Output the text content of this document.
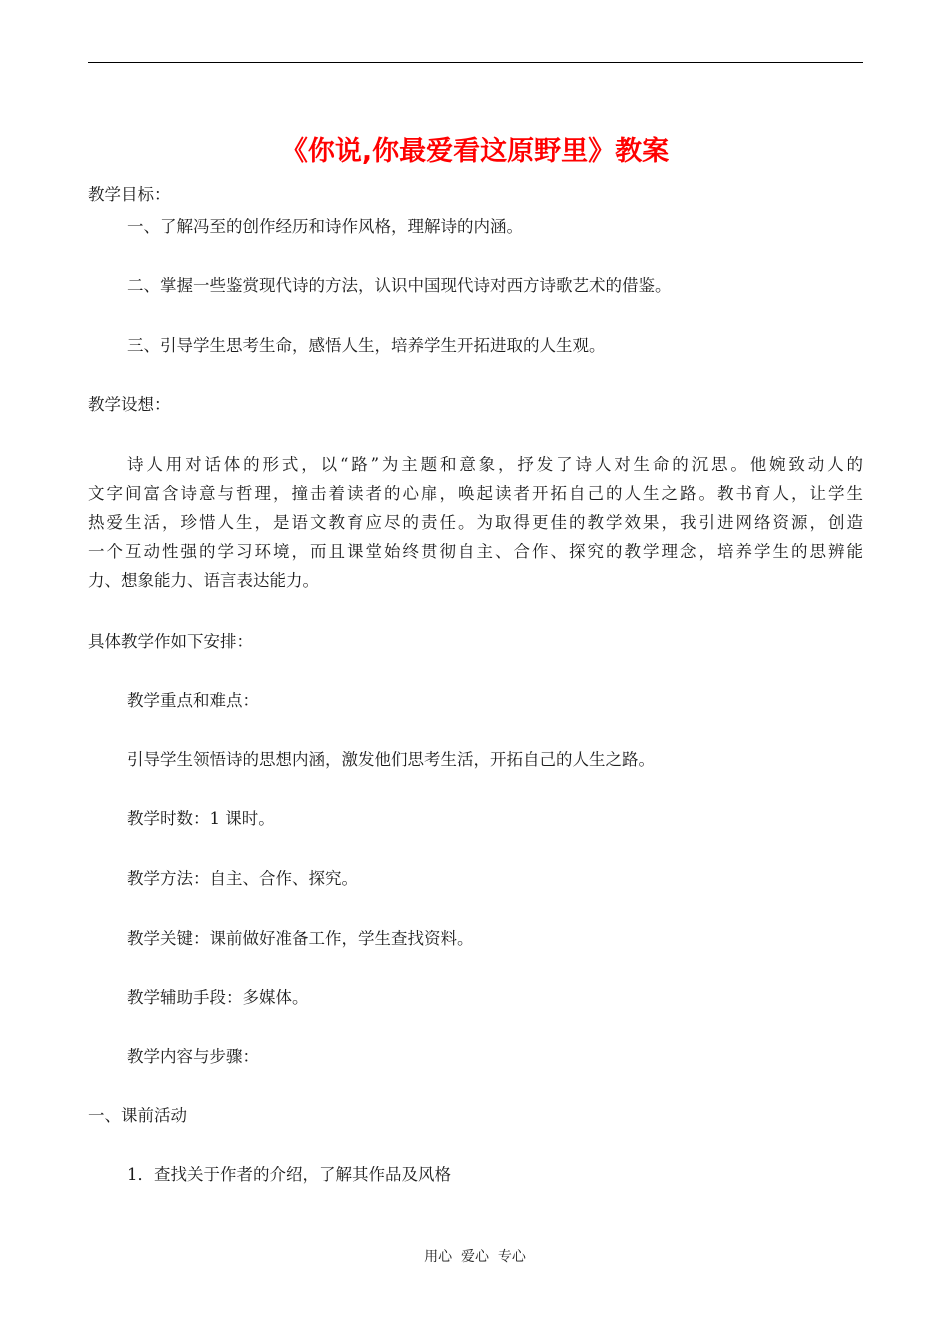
《你说,你最爱看这原野里》教案
教学目标：
一、了解冯至的创作经历和诗作风格，理解诗的内涵。
二、掌握一些鉴赏现代诗的方法，认识中国现代诗对西方诗歌艺术的借鉴。
三、引导学生思考生命，感悟人生，培养学生开拓进取的人生观。
教学设想：
诗人用对话体的形式，以“路”为主题和意象，抒发了诗人对生命的沉思。他婉致动人的
文字间富含诗意与哲理，撞击着读者的心扉，唤起读者开拓自己的人生之路。教书育人，让学生
热爱生活，珍惜人生，是语文教育应尽的责任。为取得更佳的教学效果，我引进网络资源，创造
一个互动性强的学习环境，而且课堂始终贯彻自主、合作、探究的教学理念，培养学生的思辨能
力、想象能力、语言表达能力。
具体教学作如下安排：
教学重点和难点：
引导学生领悟诗的思想内涵，激发他们思考生活，开拓自己的人生之路。
教学时数：1 课时。
教学方法：自主、合作、探究。
教学关键：课前做好准备工作，学生查找资料。
教学辅助手段：多媒体。
教学内容与步骤：
一、课前活动
1．查找关于作者的介绍，了解其作品及风格
用心  爱心  专心
